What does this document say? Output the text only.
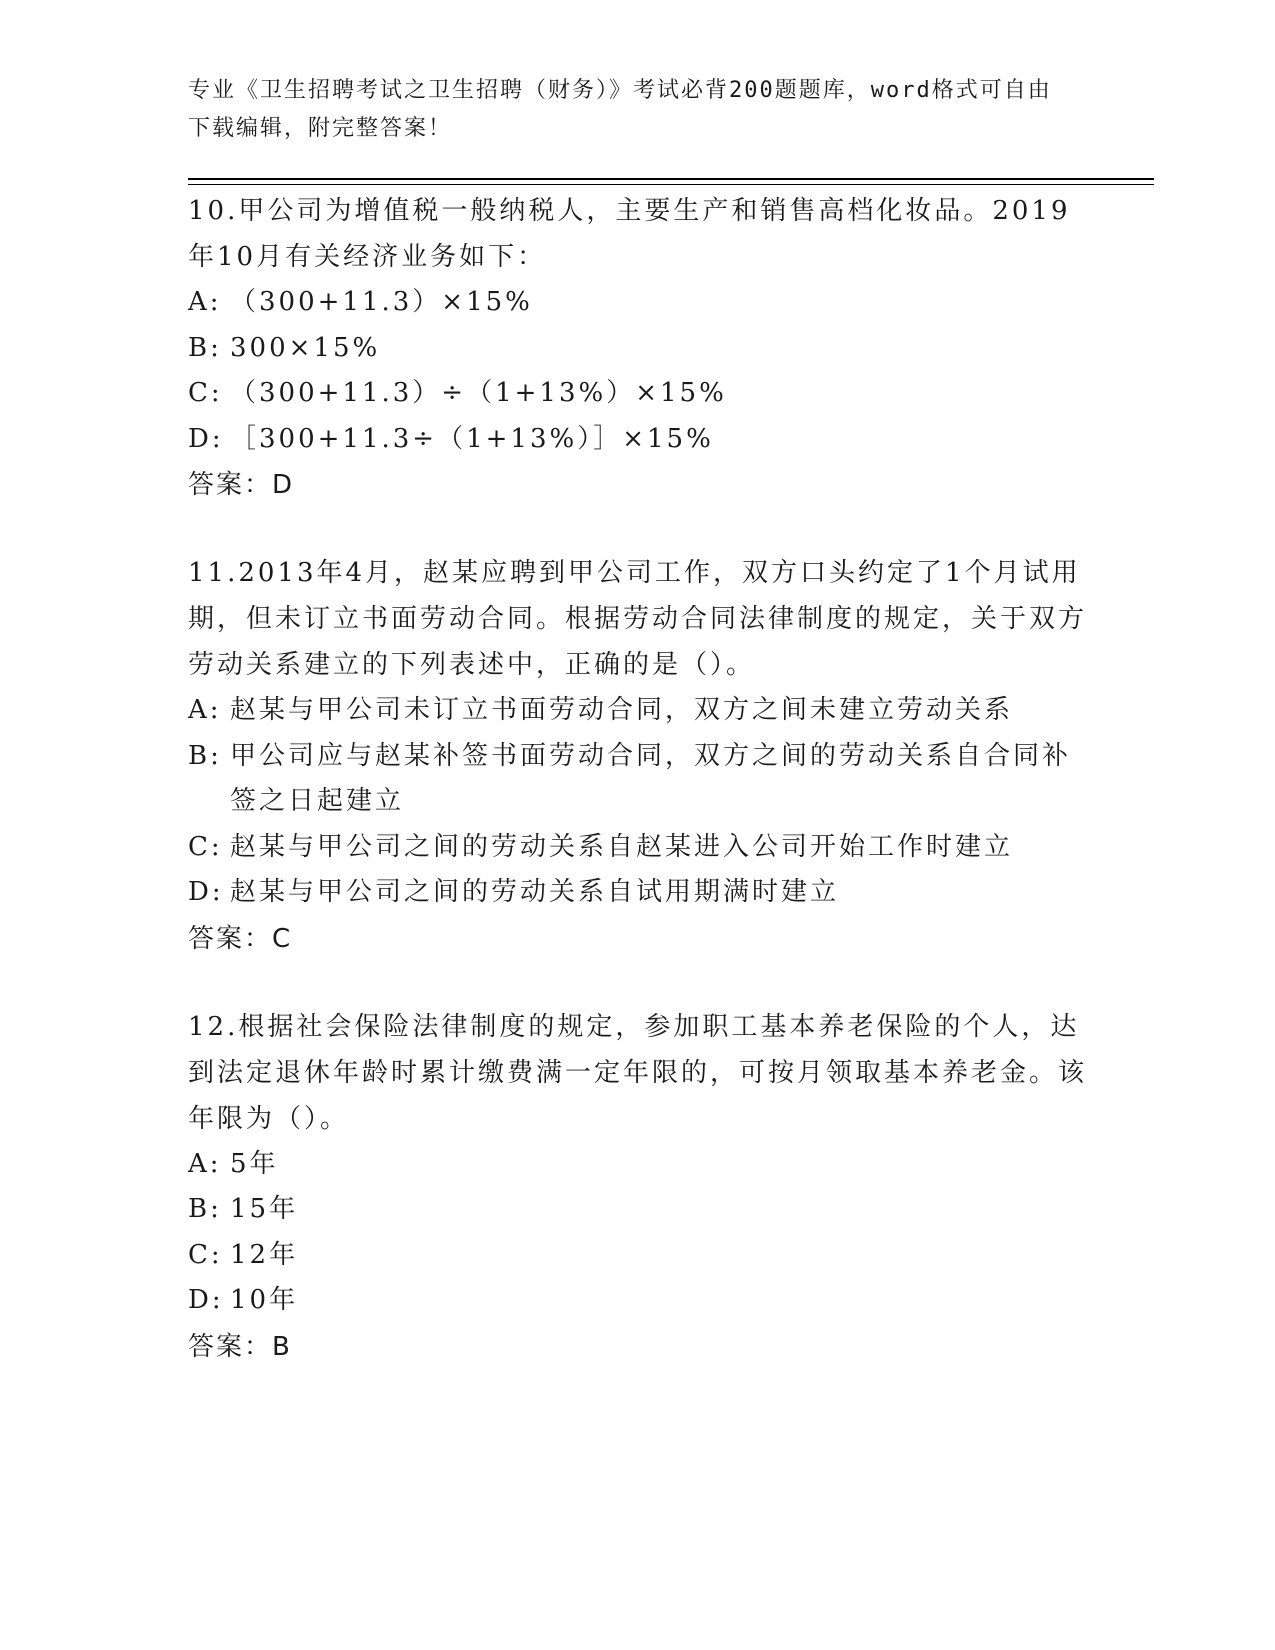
专业《卫生招聘考试之卫生招聘（财务）》考试必背200题题库，word格式可自由下载编辑，附完整答案！

10.甲公司为增值税一般纳税人，主要生产和销售高档化妆品。2019年10月有关经济业务如下：

A: （300+11.3）×15%

B: 300×15%

C: （300+11.3）÷（1+13%）×15%

D: ［300+11.3÷（1+13%）］×15%

答案：D

11.2013年4月，赵某应聘到甲公司工作，双方口头约定了1个月试用期，但未订立书面劳动合同。根据劳动合同法律制度的规定，关于双方劳动关系建立的下列表述中，正确的是（）。

A: 赵某与甲公司未订立书面劳动合同，双方之间未建立劳动关系

B: 甲公司应与赵某补签书面劳动合同，双方之间的劳动关系自合同补签之日起建立

C: 赵某与甲公司之间的劳动关系自赵某进入公司开始工作时建立

D: 赵某与甲公司之间的劳动关系自试用期满时建立

答案：C

12.根据社会保险法律制度的规定，参加职工基本养老保险的个人，达到法定退休年龄时累计缴费满一定年限的，可按月领取基本养老金。该年限为（）。

A: 5年

B: 15年

C: 12年

D: 10年

答案：B
